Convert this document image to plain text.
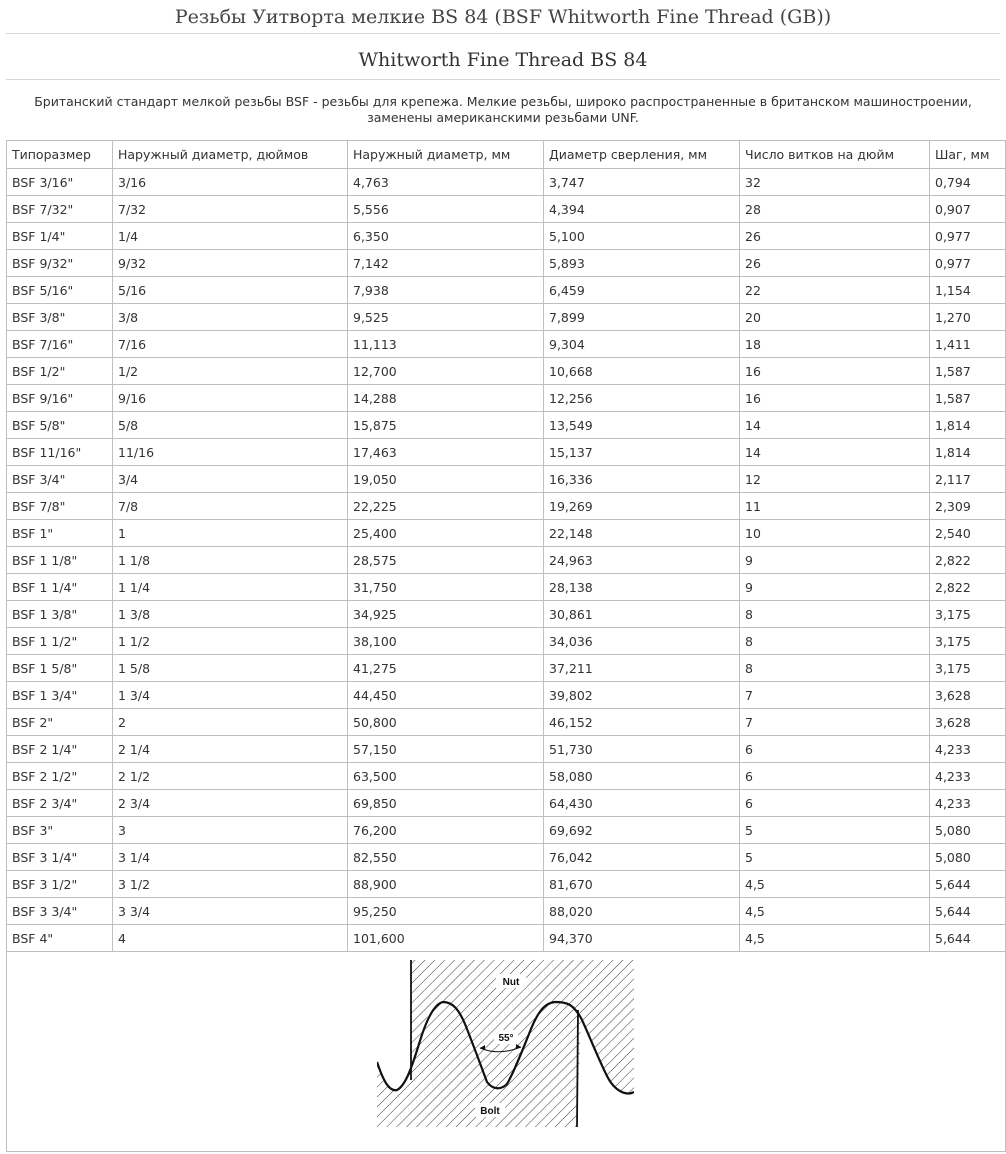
Резьбы Уитворта мелкие BS 84 (BSF Whitworth Fine Thread (GB))
Whitworth Fine Thread BS 84
Британский стандарт мелкой резьбы BSF - резьбы для крепежа. Мелкие резьбы, широко распространенные в британском машиностроении,
заменены американскими резьбами UNF.
Типоразмер	Наружный диаметр, дюймов	Наружный диаметр, мм	Диаметр сверления, мм	Число витков на дюйм	Шаг, мм
BSF 3/16"	3/16	4,763	3,747	32	0,794
BSF 7/32"	7/32	5,556	4,394	28	0,907
BSF 1/4"	1/4	6,350	5,100	26	0,977
BSF 9/32"	9/32	7,142	5,893	26	0,977
BSF 5/16"	5/16	7,938	6,459	22	1,154
BSF 3/8"	3/8	9,525	7,899	20	1,270
BSF 7/16"	7/16	11,113	9,304	18	1,411
BSF 1/2"	1/2	12,700	10,668	16	1,587
BSF 9/16"	9/16	14,288	12,256	16	1,587
BSF 5/8"	5/8	15,875	13,549	14	1,814
BSF 11/16"	11/16	17,463	15,137	14	1,814
BSF 3/4"	3/4	19,050	16,336	12	2,117
BSF 7/8"	7/8	22,225	19,269	11	2,309
BSF 1"	1	25,400	22,148	10	2,540
BSF 1 1/8"	1 1/8	28,575	24,963	9	2,822
BSF 1 1/4"	1 1/4	31,750	28,138	9	2,822
BSF 1 3/8"	1 3/8	34,925	30,861	8	3,175
BSF 1 1/2"	1 1/2	38,100	34,036	8	3,175
BSF 1 5/8"	1 5/8	41,275	37,211	8	3,175
BSF 1 3/4"	1 3/4	44,450	39,802	7	3,628
BSF 2"	2	50,800	46,152	7	3,628
BSF 2 1/4"	2 1/4	57,150	51,730	6	4,233
BSF 2 1/2"	2 1/2	63,500	58,080	6	4,233
BSF 2 3/4"	2 3/4	69,850	64,430	6	4,233
BSF 3"	3	76,200	69,692	5	5,080
BSF 3 1/4"	3 1/4	82,550	76,042	5	5,080
BSF 3 1/2"	3 1/2	88,900	81,670	4,5	5,644
BSF 3 3/4"	3 3/4	95,250	88,020	4,5	5,644
BSF 4"	4	101,600	94,370	4,5	5,644

Nut
55°
Bolt					
